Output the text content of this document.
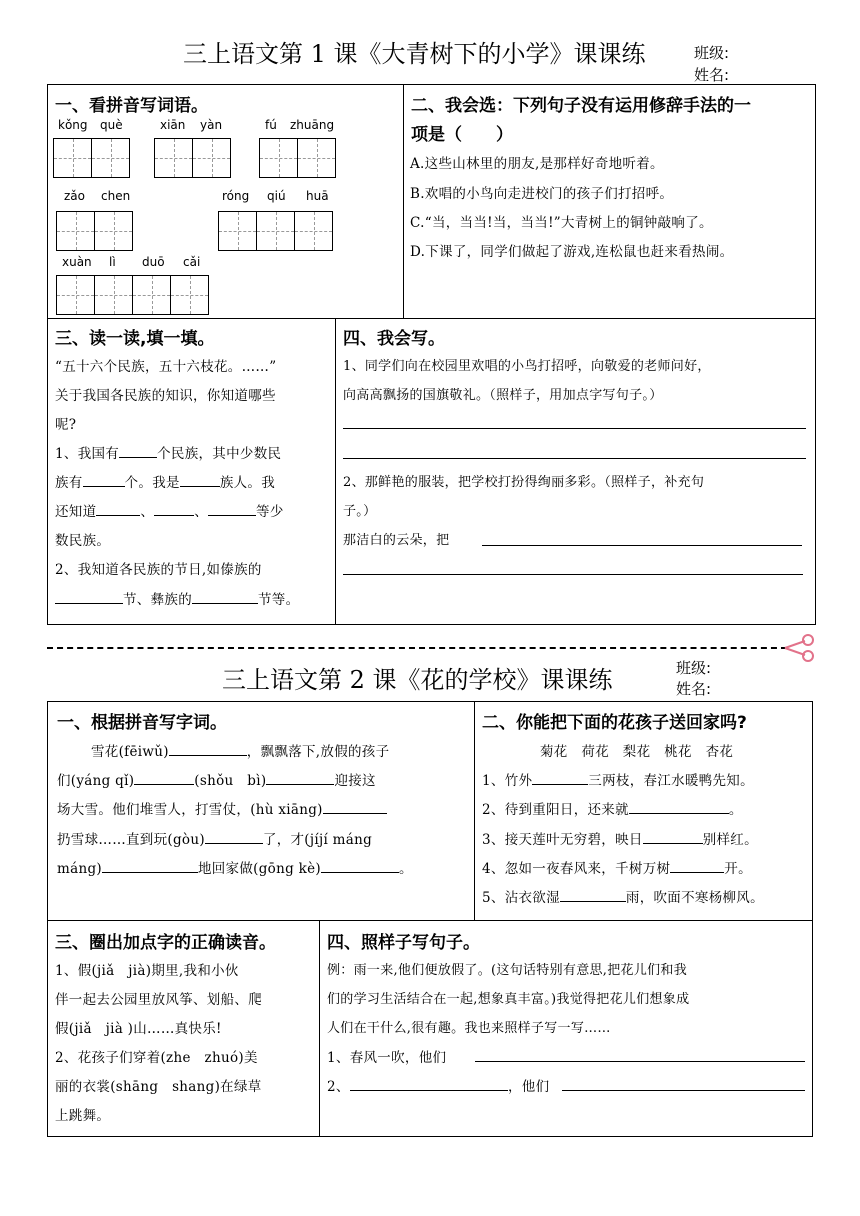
三上语文第 1 课《大青树下的小学》课课练	班级:
姓名:
一、看拼音写词语。
kǒng què	xiān yàn	fú zhuāng
zǎo chen	róng qiú huā
xuàn lì duō cǎi
二、我会选：下列句子没有运用修辞手法的一
项是（　　）
A.这些山林里的朋友,是那样好奇地听着。
B.欢唱的小鸟向走进校门的孩子们打招呼。
C.“当，当当!当，当当!”大青树上的铜钟敲响了。
D.下课了，同学们做起了游戏,连松鼠也赶来看热闹。
三、读一读,填一填。
“五十六个民族，五十六枝花。……”
关于我国各民族的知识，你知道哪些
呢?
1、我国有	个民族，其中少数民
族有	个。我是	族人。我
还知道	、	、	等少
数民族。
2、我知道各民族的节日,如傣族的
节、彝族的	节等。
四、我会写。
1、同学们向在校园里欢唱的小鸟打招呼，向敬爱的老师问好，
向高高飘扬的国旗敬礼。（照样子，用加点字写句子。）
2、那鲜艳的服装，把学校打扮得绚丽多彩。（照样子，补充句
子。）
那洁白的云朵，把
三上语文第 2 课《花的学校》课课练	班级:
姓名:
一、根据拼音写字词。
雪花(fēiwǔ)	，飘飘落下,放假的孩子
们(yáng qǐ)	(shǒu　bì)	迎接这
场大雪。他们堆雪人，打雪仗，(hù xiāng)
扔雪球……直到玩(gòu)	了，才(jíjí máng
máng)	地回家做(gōng kè)	。
二、你能把下面的花孩子送回家吗?
菊花　荷花　梨花　桃花　杏花
1、竹外	三两枝，春江水暖鸭先知。
2、待到重阳日，还来就	。
3、接天莲叶无穷碧，映日	别样红。
4、忽如一夜春风来，千树万树	开。
5、沾衣欲湿	雨，吹面不寒杨柳风。
三、圈出加点字的正确读音。
1、假(jiǎ　jià)期里,我和小伙
伴一起去公园里放风筝、划船、爬
假(jiǎ　jià )山……真快乐!
2、花孩子们穿着(zhe　zhuó)美
丽的衣裳(shāng　shang)在绿草
上跳舞。
四、照样子写句子。
例：雨一来,他们便放假了。(这句话特别有意思,把花儿们和我
们的学习生活结合在一起,想象真丰富。)我觉得把花儿们想象成
人们在干什么,很有趣。我也来照样子写一写……
1、春风一吹，他们
2、	，他们
